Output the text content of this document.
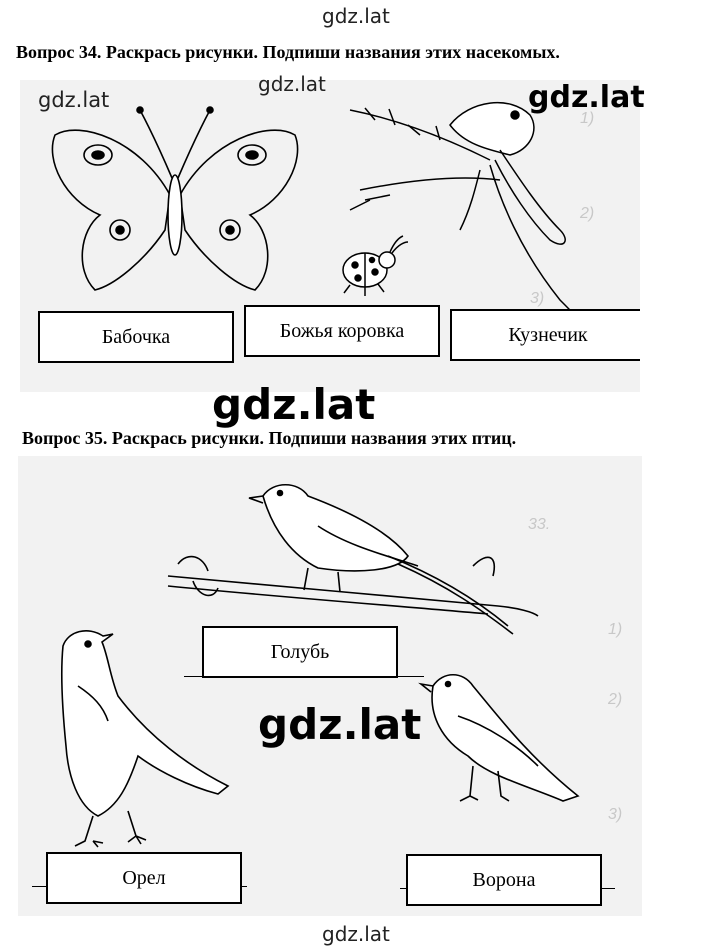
gdz.lat
Вопрос 34. Раскрась рисунки. Подпиши названия этих насекомых.
1)
2)
3)
Бабочка	Божья коровка	Кузнечик
gdz.lat
gdz.lat	gdz.lat
gdz.lat
Вопрос 35. Раскрась рисунки. Подпиши названия этих птиц.
33.
1)
2)
3)
Голубь
Орел	Ворона
gdz.lat
gdz.lat
